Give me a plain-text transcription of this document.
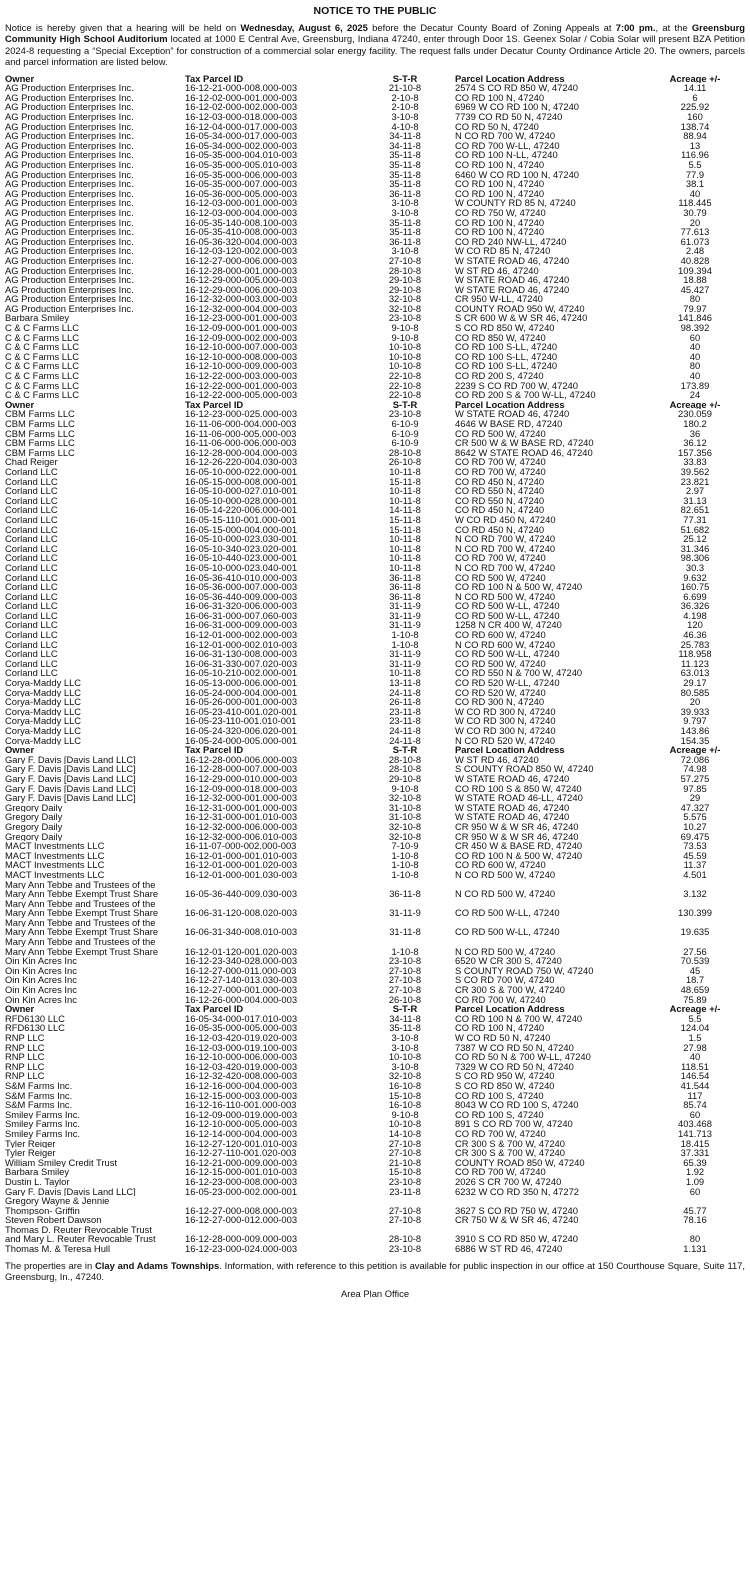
NOTICE TO THE PUBLIC
Notice is hereby given that a hearing will be held on Wednesday, August 6, 2025 before the Decatur County Board of Zoning Appeals at 7:00 pm., at the Greensburg Community High School Auditorium located at 1000 E Central Ave, Greensburg, Indiana 47240, enter through Door 1S. Geenex Solar / Cobia Solar will present BZA Petition 2024-8 requesting a “Special Exception” for construction of a commercial solar energy facility. The request falls under Decatur County Ordinance Article 20. The owners, parcels and parcel information are listed below.
Owner	Tax Parcel ID	S-T-R	Parcel Location Address	Acreage +/-
AG Production Enterprises Inc.	16-12-21-000-008.000-003	21-10-8	2574 S CO RD 850 W, 47240	14.11
AG Production Enterprises Inc.	16-12-02-000-001.000-003	2-10-8	CO RD 100 N, 47240	6
AG Production Enterprises Inc.	16-12-02-000-002.000-003	2-10-8	6969 W CO RD 100 N, 47240	225.92
AG Production Enterprises Inc.	16-12-03-000-018.000-003	3-10-8	7739 CO RD 50 N, 47240	160
AG Production Enterprises Inc.	16-12-04-000-017.000-003	4-10-8	CO RD 50 N, 47240	138.74
AG Production Enterprises Inc.	16-05-34-000-017.000-003	34-11-8	N CO RD 700 W, 47240	88.94
AG Production Enterprises Inc.	16-05-34-000-002.000-003	34-11-8	CO RD 700 W-LL, 47240	13
AG Production Enterprises Inc.	16-05-35-000-004.010-003	35-11-8	CO RD 100 N-LL, 47240	116.96
AG Production Enterprises Inc.	16-05-35-000-005.010-003	35-11-8	CO RD 100 N, 47240	5.5
AG Production Enterprises Inc.	16-05-35-000-006.000-003	35-11-8	6460 W CO RD 100 N, 47240	77.9
AG Production Enterprises Inc.	16-05-35-000-007.000-003	35-11-8	CO RD 100 N, 47240	38.1
AG Production Enterprises Inc.	16-05-36-000-005.000-003	36-11-8	CO RD 100 N, 47240	40
AG Production Enterprises Inc.	16-12-03-000-001.000-003	3-10-8	W COUNTY RD 85 N, 47240	118.445
AG Production Enterprises Inc.	16-12-03-000-004.000-003	3-10-8	CO RD 750 W, 47240	30.79
AG Production Enterprises Inc.	16-05-35-140-008.100-003	35-11-8	CO RD 100 N, 47240	20
AG Production Enterprises Inc.	16-05-35-410-008.000-003	35-11-8	CO RD 100 N, 47240	77.613
AG Production Enterprises Inc.	16-05-36-320-004.000-003	36-11-8	CO RD 240 NW-LL, 47240	61.073
AG Production Enterprises Inc.	16-12-03-120-002.000-003	3-10-8	W CO RD 85 N, 47240	2.48
AG Production Enterprises Inc.	16-12-27-000-006.000-003	27-10-8	W STATE ROAD 46, 47240	40.828
AG Production Enterprises Inc.	16-12-28-000-001.000-003	28-10-8	W ST RD 46, 47240	109.394
AG Production Enterprises Inc.	16-12-29-000-005.000-003	29-10-8	W STATE ROAD 46, 47240	18.88
AG Production Enterprises Inc.	16-12-29-000-006.000-003	29-10-8	W STATE ROAD 46, 47240	45.427
AG Production Enterprises Inc.	16-12-32-000-003.000-003	32-10-8	CR 950 W-LL, 47240	80
AG Production Enterprises Inc.	16-12-32-000-004.000-003	32-10-8	COUNTY ROAD 950 W, 47240	79.97
Barbara Smiley	16-12-23-000-001.000-003	23-10-8	S CR 600 W & W SR 46, 47240	141.846
C & C Farms LLC	16-12-09-000-001.000-003	9-10-8	S CO RD 850 W, 47240	98.392
C & C Farms LLC	16-12-09-000-002.000-003	9-10-8	CO RD 850 W, 47240	60
C & C Farms LLC	16-12-10-000-007.000-003	10-10-8	CO RD 100 S-LL, 47240	40
C & C Farms LLC	16-12-10-000-008.000-003	10-10-8	CO RD 100 S-LL, 47240	40
C & C Farms LLC	16-12-10-000-009.000-003	10-10-8	CO RD 100 S-LL, 47240	80
C & C Farms LLC	16-12-22-000-003.000-003	22-10-8	CO RD 200 S, 47240	40
C & C Farms LLC	16-12-22-000-001.000-003	22-10-8	2239 S CO RD 700 W, 47240	173.89
C & C Farms LLC	16-12-22-000-005.000-003	22-10-8	CO RD 200 S & 700 W-LL, 47240	24
Owner	Tax Parcel ID	S-T-R	Parcel Location Address	Acreage +/-
CBM Farms LLC	16-12-23-000-025.000-003	23-10-8	W STATE ROAD 46, 47240	230.059
CBM Farms LLC	16-11-06-000-004.000-003	6-10-9	4646 W BASE RD, 47240	180.2
CBM Farms LLC	16-11-06-000-005.000-003	6-10-9	CO RD 500 W, 47240	36
CBM Farms LLC	16-11-06-000-006.000-003	6-10-9	CR 500 W & W BASE RD, 47240	36.12
CBM Farms LLC	16-12-28-000-004.000-003	28-10-8	8642 W STATE ROAD 46, 47240	157.356
Chad Reiger	16-12-26-220-004.030-003	26-10-8	CO RD 700 W, 47240	33.83
Corland LLC	16-05-10-000-022.000-001	10-11-8	CO RD 700 W, 47240	39.562
Corland LLC	16-05-15-000-008.000-001	15-11-8	CO RD 450 N, 47240	23.821
Corland LLC	16-05-10-000-027.010-001	10-11-8	CO RD 550 N, 47240	2.97
Corland LLC	16-05-10-000-028.000-001	10-11-8	CO RD 550 N, 47240	31.13
Corland LLC	16-05-14-220-006.000-001	14-11-8	CO RD 450 N, 47240	82.651
Corland LLC	16-05-15-110-001.000-001	15-11-8	W CO RD 450 N, 47240	77.31
Corland LLC	16-05-15-000-004.000-001	15-11-8	CO RD 450 N, 47240	51.682
Corland LLC	16-05-10-000-023.030-001	10-11-8	N CO RD 700 W, 47240	25.12
Corland LLC	16-05-10-340-023.020-001	10-11-8	N CO RD 700 W, 47240	31.346
Corland LLC	16-05-10-440-023.000-001	10-11-8	CO RD 700 W, 47240	98.306
Corland LLC	16-05-10-000-023.040-001	10-11-8	N CO RD 700 W, 47240	30.3
Corland LLC	16-05-36-410-010.000-003	36-11-8	CO RD 500 W, 47240	9.632
Corland LLC	16-05-36-000-007.000-003	36-11-8	CO RD 100 N & 500 W, 47240	160.75
Corland LLC	16-05-36-440-009.000-003	36-11-8	N CO RD 500 W, 47240	6.699
Corland LLC	16-06-31-320-006.000-003	31-11-9	CO RD 500 W-LL, 47240	36.326
Corland LLC	16-06-31-000-007.060-003	31-11-9	CO RD 500 W-LL, 47240	4.198
Corland LLC	16-06-31-000-009.000-003	31-11-9	1258 N CR 400 W, 47240	120
Corland LLC	16-12-01-000-002.000-003	1-10-8	CO RD 600 W, 47240	46.36
Corland LLC	16-12-01-000-002.010-003	1-10-8	N CO RD 600 W, 47240	25.783
Corland LLC	16-06-31-130-008.000-003	31-11-9	CO RD 500 W-LL, 47240	118.958
Corland LLC	16-06-31-330-007.020-003	31-11-9	CO RD 500 W, 47240	11.123
Corland LLC	16-05-10-210-002.000-001	10-11-8	CO RD 550 N & 700 W, 47240	63.013
Corya-Maddy LLC	16-05-13-000-006.000-001	13-11-8	CO RD 520 W-LL, 47240	29.17
Corya-Maddy LLC	16-05-24-000-004.000-001	24-11-8	CO RD 520 W, 47240	80.585
Corya-Maddy LLC	16-05-26-000-001.000-003	26-11-8	CO RD 300 N, 47240	20
Corya-Maddy LLC	16-05-23-410-001.020-001	23-11-8	W CO RD 300 N, 47240	39.933
Corya-Maddy LLC	16-05-23-110-001.010-001	23-11-8	W CO RD 300 N, 47240	9.797
Corya-Maddy LLC	16-05-24-320-006.020-001	24-11-8	W CO RD 300 N, 47240	143.86
Corya-Maddy LLC	16-05-24-000-005.000-001	24-11-8	N CO RD 520 W, 47240	154.35
Owner	Tax Parcel ID	S-T-R	Parcel Location Address	Acreage +/-
Gary F. Davis [Davis Land LLC]	16-12-28-000-006.000-003	28-10-8	W ST RD 46, 47240	72.086
Gary F. Davis [Davis Land LLC]	16-12-28-000-007.000-003	28-10-8	S COUNTY ROAD 850 W, 47240	74.98
Gary F. Davis [Davis Land LLC]	16-12-29-000-010.000-003	29-10-8	W STATE ROAD 46, 47240	57.275
Gary F. Davis [Davis Land LLC]	16-12-09-000-018.000-003	9-10-8	CO RD 100 S & 850 W, 47240	97.85
Gary F. Davis [Davis Land LLC]	16-12-32-000-001.000-003	32-10-8	W STATE ROAD 46-LL, 47240	29
Gregory Daily	16-12-31-000-001.000-003	31-10-8	W STATE ROAD 46, 47240	47.327
Gregory Daily	16-12-31-000-001.010-003	31-10-8	W STATE ROAD 46, 47240	5.575
Gregory Daily	16-12-32-000-006.000-003	32-10-8	CR 950 W & W SR 46, 47240	10.27
Gregory Daily	16-12-32-000-006.010-003	32-10-8	CR 950 W & W SR 46, 47240	69.475
MACT Investments LLC	16-11-07-000-002.000-003	7-10-9	CR 450 W & BASE RD, 47240	73.53
MACT Investments LLC	16-12-01-000-001.010-003	1-10-8	CO RD 100 N & 500 W, 47240	45.59
MACT Investments LLC	16-12-01-000-001.020-003	1-10-8	CO RD 600 W, 47240	11.37
MACT Investments LLC	16-12-01-000-001.030-003	1-10-8	N CO RD 500 W, 47240	4.501
Mary Ann Tebbe and Trustees of the
Mary Ann Tebbe Exempt Trust Share	16-05-36-440-009.030-003	36-11-8	N CO RD 500 W, 47240	3.132
Mary Ann Tebbe and Trustees of the
Mary Ann Tebbe Exempt Trust Share	16-06-31-120-008.020-003	31-11-9	CO RD 500 W-LL, 47240	130.399
Mary Ann Tebbe and Trustees of the
Mary Ann Tebbe Exempt Trust Share	16-06-31-340-008.010-003	31-11-8	CO RD 500 W-LL, 47240	19.635
Mary Ann Tebbe and Trustees of the
Mary Ann Tebbe Exempt Trust Share	16-12-01-120-001.020-003	1-10-8	N CO RD 500 W, 47240	27.56
Oin Kin Acres Inc	16-12-23-340-028.000-003	23-10-8	6520 W CR 300 S, 47240	70.539
Oin Kin Acres Inc	16-12-27-000-011.000-003	27-10-8	S COUNTY ROAD 750 W, 47240	45
Oin Kin Acres Inc	16-12-27-140-013.030-003	27-10-8	S CO RD 700 W, 47240	18.7
Oin Kin Acres Inc	16-12-27-000-001.000-003	27-10-8	CR 300 S & 700 W, 47240	48.659
Oin Kin Acres Inc	16-12-26-000-004.000-003	26-10-8	CO RD 700 W, 47240	75.89
Owner	Tax Parcel ID	S-T-R	Parcel Location Address	Acreage +/-
RFD6130 LLC	16-05-34-000-017.010-003	34-11-8	CO RD 100 N & 700 W, 47240	5.5
RFD6130 LLC	16-05-35-000-005.000-003	35-11-8	CO RD 100 N, 47240	124.04
RNP LLC	16-12-03-420-019.020-003	3-10-8	W CO RD 50 N, 47240	1.5
RNP LLC	16-12-03-000-019.100-003	3-10-8	7387 W CO RD 50 N, 47240	27.98
RNP LLC	16-12-10-000-006.000-003	10-10-8	CO RD 50 N & 700 W-LL, 47240	40
RNP LLC	16-12-03-420-019.000-003	3-10-8	7329 W CO RD 50 N, 47240	118.51
RNP LLC	16-12-32-420-008.000-003	32-10-8	S CO RD 950 W, 47240	146.54
S&M Farms Inc.	16-12-16-000-004.000-003	16-10-8	S CO RD 850 W, 47240	41.544
S&M Farms Inc.	16-12-15-000-003.000-003	15-10-8	CO RD 100 S, 47240	117
S&M Farms Inc.	16-12-16-110-001.000-003	16-10-8	8043 W CO RD 100 S, 47240	85.74
Smiley Farms Inc.	16-12-09-000-019.000-003	9-10-8	CO RD 100 S, 47240	60
Smiley Farms Inc.	16-12-10-000-005.000-003	10-10-8	891 S CO RD 700 W, 47240	403.468
Smiley Farms Inc.	16-12-14-000-004.000-003	14-10-8	CO RD 700 W, 47240	141.713
Tyler Reiger	16-12-27-120-001.010-003	27-10-8	CR 300 S & 700 W, 47240	18.415
Tyler Reiger	16-12-27-110-001.020-003	27-10-8	CR 300 S & 700 W, 47240	37.331
William Smiley Credit Trust	16-12-21-000-009.000-003	21-10-8	COUNTY ROAD 850 W, 47240	65.39
Barbara Smiley	16-12-15-000-001.010-003	15-10-8	CO RD 700 W, 47240	1.92
Dustin L. Taylor	16-12-23-000-008.000-003	23-10-8	2026 S CR 700 W, 47240	1.09
Gary F. Davis [Davis Land LLC]	16-05-23-000-002.000-001	23-11-8	6232 W CO RD 350 N, 47272	60
Gregory Wayne & Jennie
Thompson- Griffin	16-12-27-000-008.000-003	27-10-8	3627 S CO RD 750 W, 47240	45.77
Steven Robert Dawson	16-12-27-000-012.000-003	27-10-8	CR 750 W & W SR 46, 47240	78.16
Thomas D. Reuter Revocable Trust
and Mary L. Reuter Revocable Trust	16-12-28-000-009.000-003	28-10-8	3910 S CO RD 850 W, 47240	80
Thomas M. & Teresa Hull	16-12-23-000-024.000-003	23-10-8	6886 W ST RD 46, 47240	1.131
The properties are in Clay and Adams Townships. Information, with reference to this petition is available for public inspection in our office at 150 Courthouse Square, Suite 117, Greensburg, In., 47240.
Area Plan Office
